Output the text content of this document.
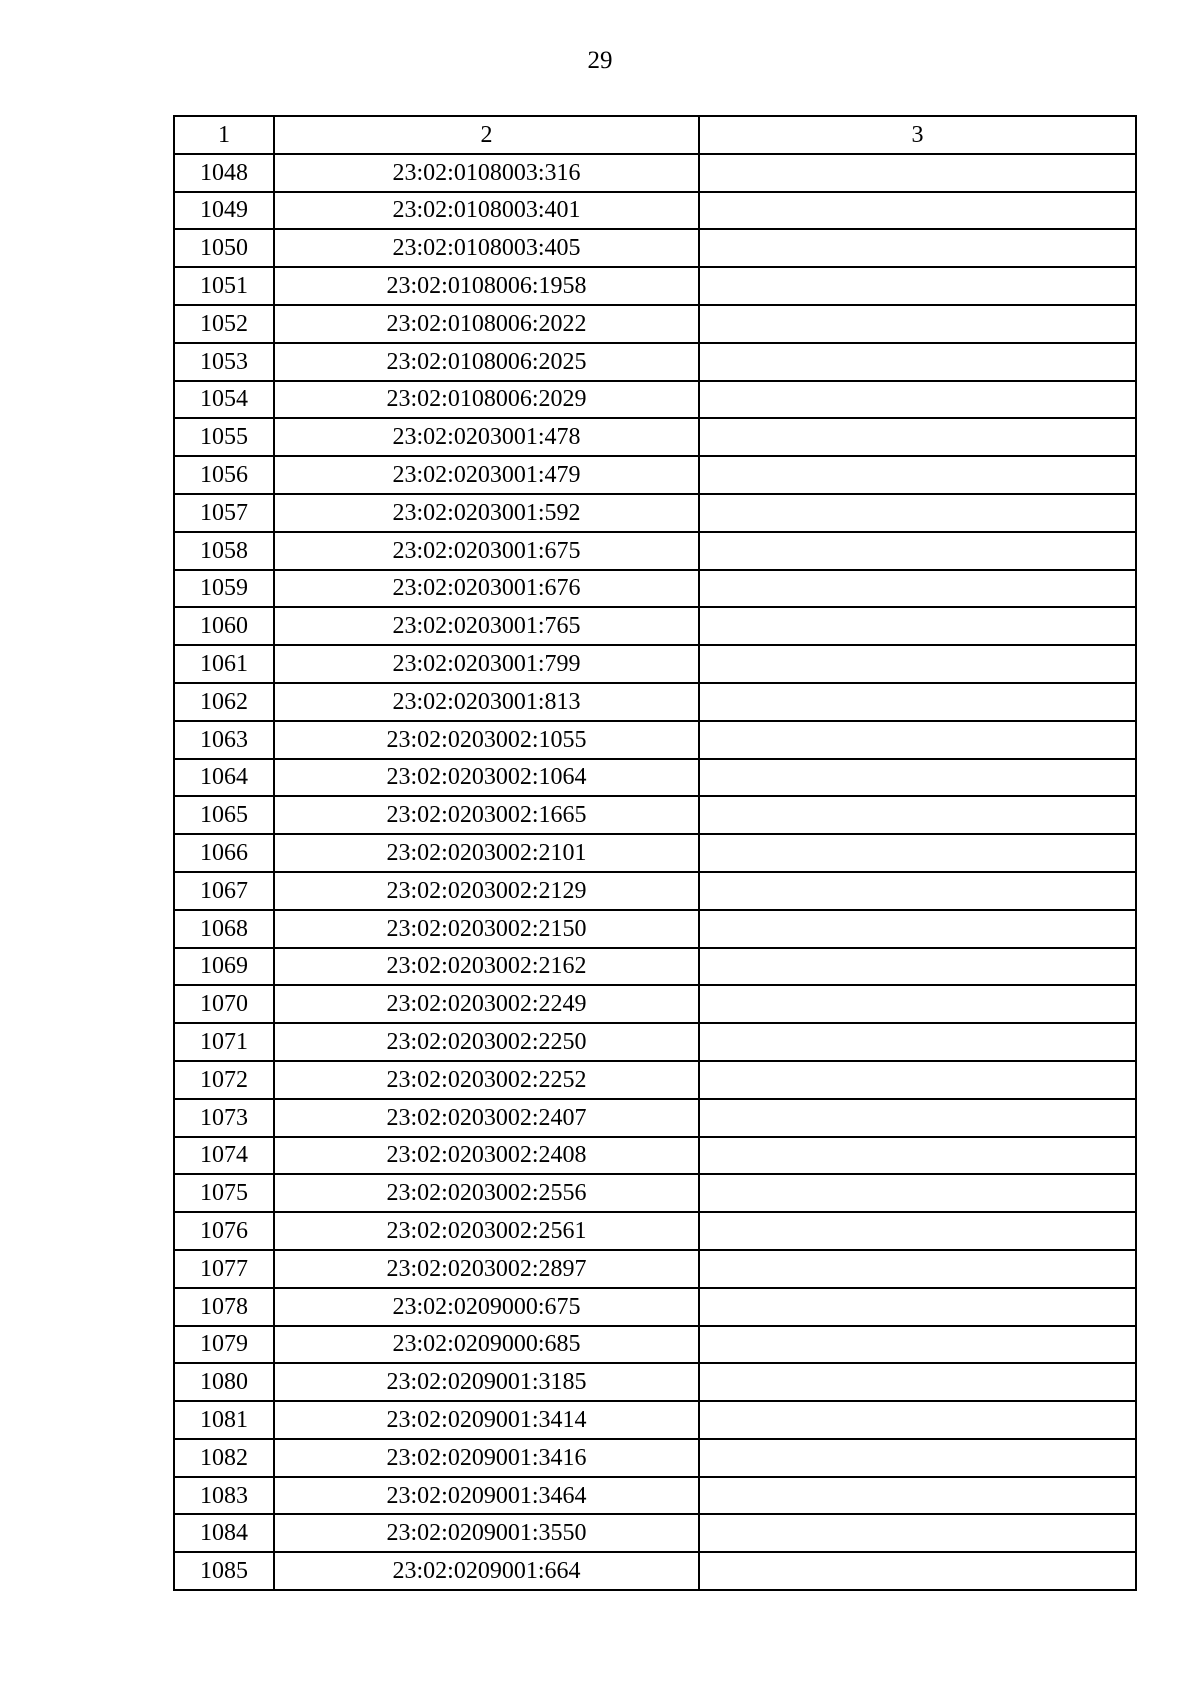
29
1	2	3
1048	23:02:0108003:316	
1049	23:02:0108003:401	
1050	23:02:0108003:405	
1051	23:02:0108006:1958	
1052	23:02:0108006:2022	
1053	23:02:0108006:2025	
1054	23:02:0108006:2029	
1055	23:02:0203001:478	
1056	23:02:0203001:479	
1057	23:02:0203001:592	
1058	23:02:0203001:675	
1059	23:02:0203001:676	
1060	23:02:0203001:765	
1061	23:02:0203001:799	
1062	23:02:0203001:813	
1063	23:02:0203002:1055	
1064	23:02:0203002:1064	
1065	23:02:0203002:1665	
1066	23:02:0203002:2101	
1067	23:02:0203002:2129	
1068	23:02:0203002:2150	
1069	23:02:0203002:2162	
1070	23:02:0203002:2249	
1071	23:02:0203002:2250	
1072	23:02:0203002:2252	
1073	23:02:0203002:2407	
1074	23:02:0203002:2408	
1075	23:02:0203002:2556	
1076	23:02:0203002:2561	
1077	23:02:0203002:2897	
1078	23:02:0209000:675	
1079	23:02:0209000:685	
1080	23:02:0209001:3185	
1081	23:02:0209001:3414	
1082	23:02:0209001:3416	
1083	23:02:0209001:3464	
1084	23:02:0209001:3550	
1085	23:02:0209001:664	
